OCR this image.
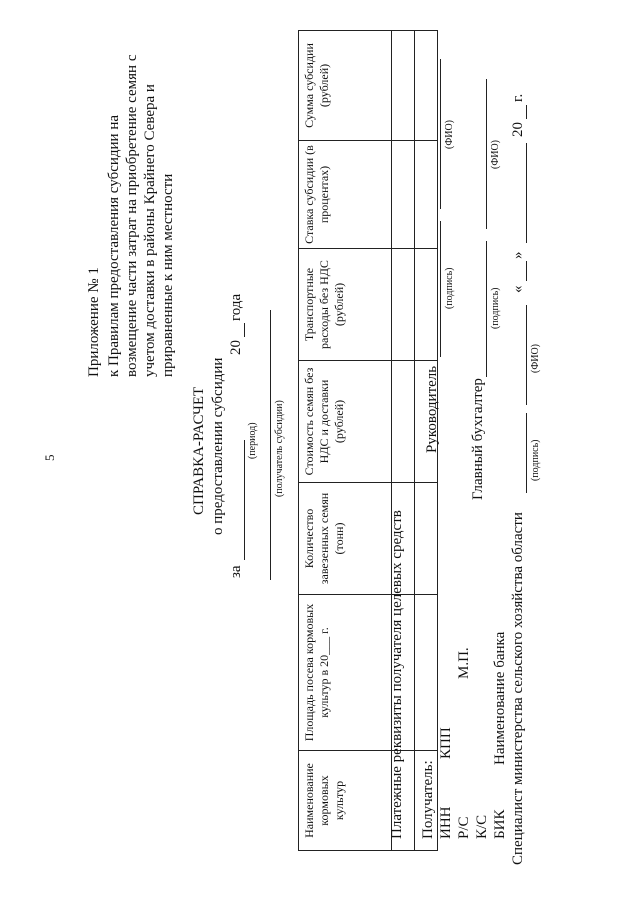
5
Приложение № 1 к Правилам предоставления субсидии на возмещение части затрат на приобретение семян с учетом доставки в районы Крайнего Севера и приравненные к ним местности
СПРАВКА-РАСЧЕТ о предоставлении субсидии
за
20
года
(период) (получатель субсидии)
Наименование кормовых культур	Площадь посева кормовых культур в 20___ г.	Количество завезенных семян (тонн)	Стоимость семян без НДС и доставки (рублей)	Транспортные расходы без НДС (рублей)	Ставка субсидии (в процентах)	Сумма субсидии (рублей)

Платежные реквизиты получателя целевых средств Получатель: ИНН
КПП
Р/С
М.П.
К/С БИК
Наименование банка
Руководитель
(подпись)
(ФИО)
Главный бухгалтер
(подпись)
(ФИО)
Специалист министерства сельского хозяйства области
(подпись)
(ФИО)
«
»
20
г.
